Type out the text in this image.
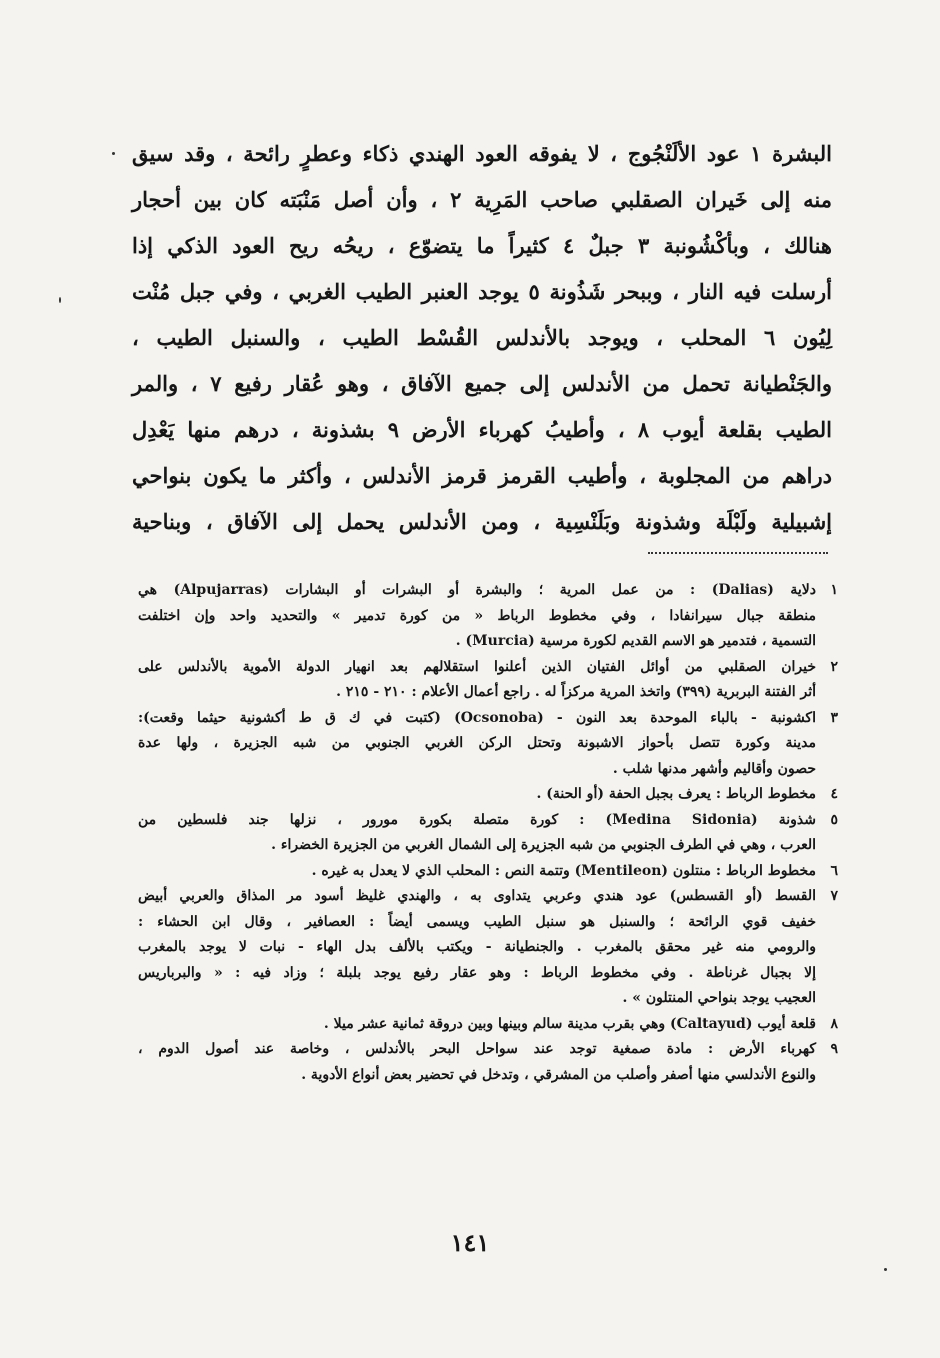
البشرة ١ عود الألَنْجُوج ، لا يفوقه العود الهندي ذكاء وعطرٍ رائحة ، وقد سيق
منه إلى خَيران الصقلبي صاحب المَرِية ٢ ، وأن أصل مَنْبَته كان بين أحجار
هنالك ، وبأكْشُونبة ٣ جبلٌ ٤ كثيراً ما يتضوّع ، ريحُه ريح العود الذكي إذا
أرسلت فيه النار ، وببحر شَذُونة ٥ يوجد العنبر الطيب الغربي ، وفي جبل مُنْت
لِيُون ٦ المحلب ، ويوجد بالأندلس القُسْط الطيب ، والسنبل الطيب ،
والجَنْطيانة تحمل من الأندلس إلى جميع الآفاق ، وهو عُقار رفيع ٧ ، والمر
الطيب بقلعة أيوب ٨ ، وأطيبُ كهرباء الأرض ٩ بشذونة ، درهم منها يَعْدِل
دراهم من المجلوبة ، وأطيب القرمز قرمز الأندلس ، وأكثر ما يكون بنواحي
إشبيلية ولَبْلَة وشذونة وبَلَنْسِية ، ومن الأندلس يحمل إلى الآفاق ، وبناحية
١
دلاية (Dalias) : من عمل المرية ؛ والبشرة أو البشرات أو البشارات (Alpujarras) هي
منطقة جبال سيرانفادا ، وفي مخطوط الرباط « من كورة تدمير » والتحديد واحد وإن اختلفت
التسمية ، فتدمير هو الاسم القديم لكورة مرسية (Murcia) .
٢
خيران الصقلبي من أوائل الفتيان الذين أعلنوا استقلالهم بعد انهيار الدولة الأموية بالأندلس على
أثر الفتنة البربرية (٣٩٩) واتخذ المرية مركزاً له . راجع أعمال الأعلام : ٢١٠ - ٢١٥ .
٣
اكشونبة - بالباء الموحدة بعد النون - (Ocsonoba) (كتبت في ك ق ط أكشونية حيثما وقعت):
مدينة وكورة تتصل بأحواز الاشبونة وتحتل الركن الغربي الجنوبي من شبه الجزيرة ، ولها عدة
حصون وأقاليم وأشهر مدنها شلب .
٤
مخطوط الرباط : يعرف بجبل الحفة (أو الحنة) .
٥
شذونة (Medina Sidonia) : كورة متصلة بكورة مورور ، نزلها جند فلسطين من
العرب ، وهي في الطرف الجنوبي من شبه الجزيرة إلى الشمال الغربي من الجزيرة الخضراء .
٦
مخطوط الرباط : منتلون (Mentileon) وتتمة النص : المحلب الذي لا يعدل به غيره .
٧
القسط (أو القسطس) عود هندي وعربي يتداوى به ، والهندي غليظ أسود مر المذاق والعربي أبيض
خفيف قوي الرائحة ؛ والسنبل هو سنبل الطيب ويسمى أيضاً : العصافير ، وقال ابن الحشاء :
والرومي منه غير محقق بالمغرب . والجنطيانة - ويكتب بالألف بدل الهاء - نبات لا يوجد بالمغرب
إلا بجبال غرناطة . وفي مخطوط الرباط : وهو عقار رفيع يوجد بلبلة ؛ وزاد فيه : « والبرباريس
العجيب يوجد بنواحي المنتلون » .
٨
قلعة أيوب (Caltayud) وهي بقرب مدينة سالم وبينها وبين دروقة ثمانية عشر ميلا .
٩
كهرباء الأرض : مادة صمغية توجد عند سواحل البحر بالأندلس ، وخاصة عند أصول الدوم ،
والنوع الأندلسي منها أصفر وأصلب من المشرقي ، وتدخل في تحضير بعض أنواع الأدوية .
١٤١
